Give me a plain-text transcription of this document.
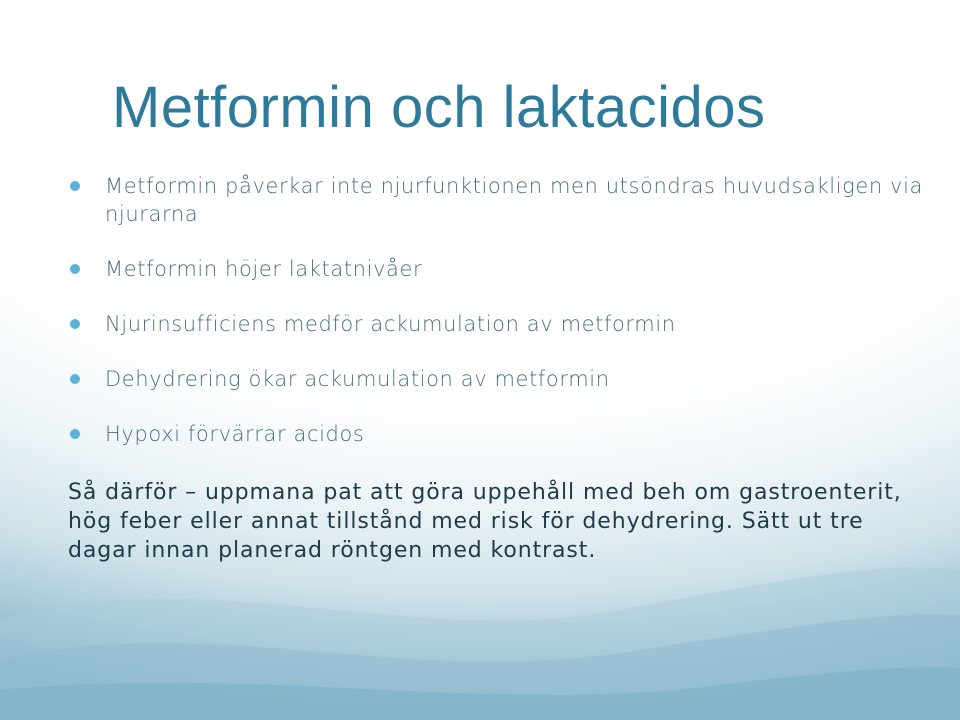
Metformin och laktacidos
Metformin påverkar inte njurfunktionen men utsöndras huvudsakligen via njurarna
Metformin höjer laktatnivåer
Njurinsufficiens medför ackumulation av metformin
Dehydrering ökar ackumulation av metformin
Hypoxi förvärrar acidos

Så därför – uppmana pat att göra uppehåll med beh om gastroenterit, hög feber eller annat tillstånd med risk för dehydrering. Sätt ut tre dagar innan planerad röntgen med kontrast.
